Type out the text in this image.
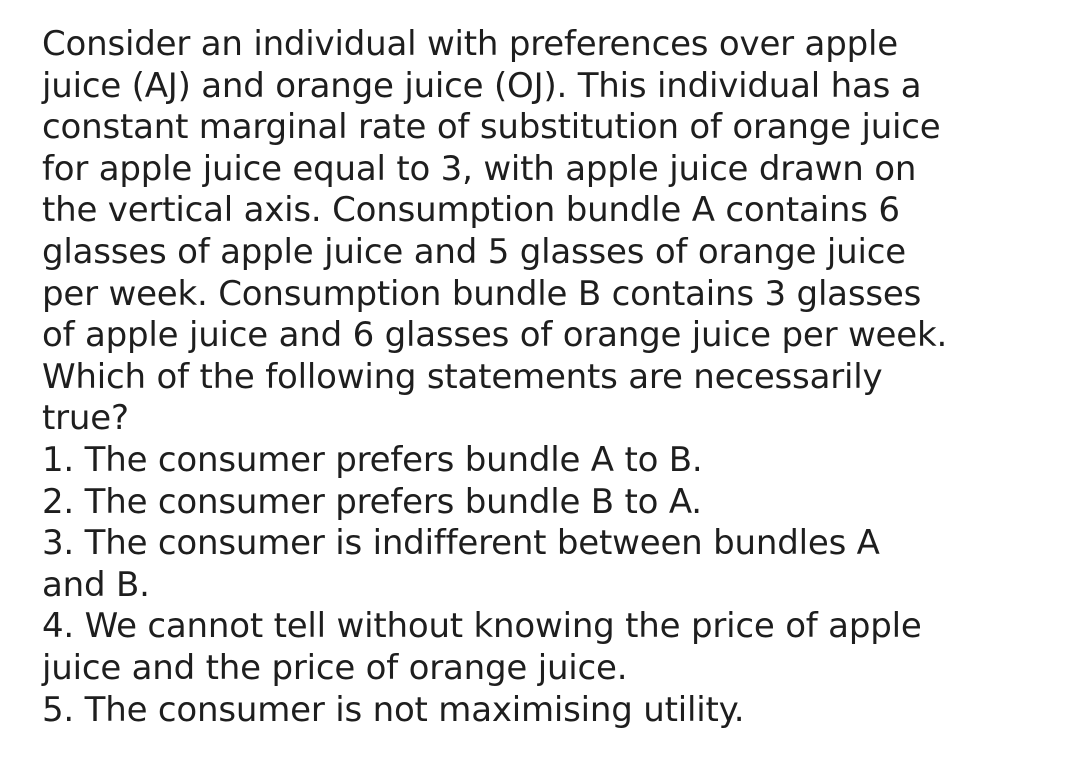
Consider an individual with preferences over apple
juice (AJ) and orange juice (OJ). This individual has a
constant marginal rate of substitution of orange juice
for apple juice equal to 3, with apple juice drawn on
the vertical axis. Consumption bundle A contains 6
glasses of apple juice and 5 glasses of orange juice
per week. Consumption bundle B contains 3 glasses
of apple juice and 6 glasses of orange juice per week.
Which of the following statements are necessarily
true?
1. The consumer prefers bundle A to B.
2. The consumer prefers bundle B to A.
3. The consumer is indifferent between bundles A
and B.
4. We cannot tell without knowing the price of apple
juice and the price of orange juice.
5. The consumer is not maximising utility.
